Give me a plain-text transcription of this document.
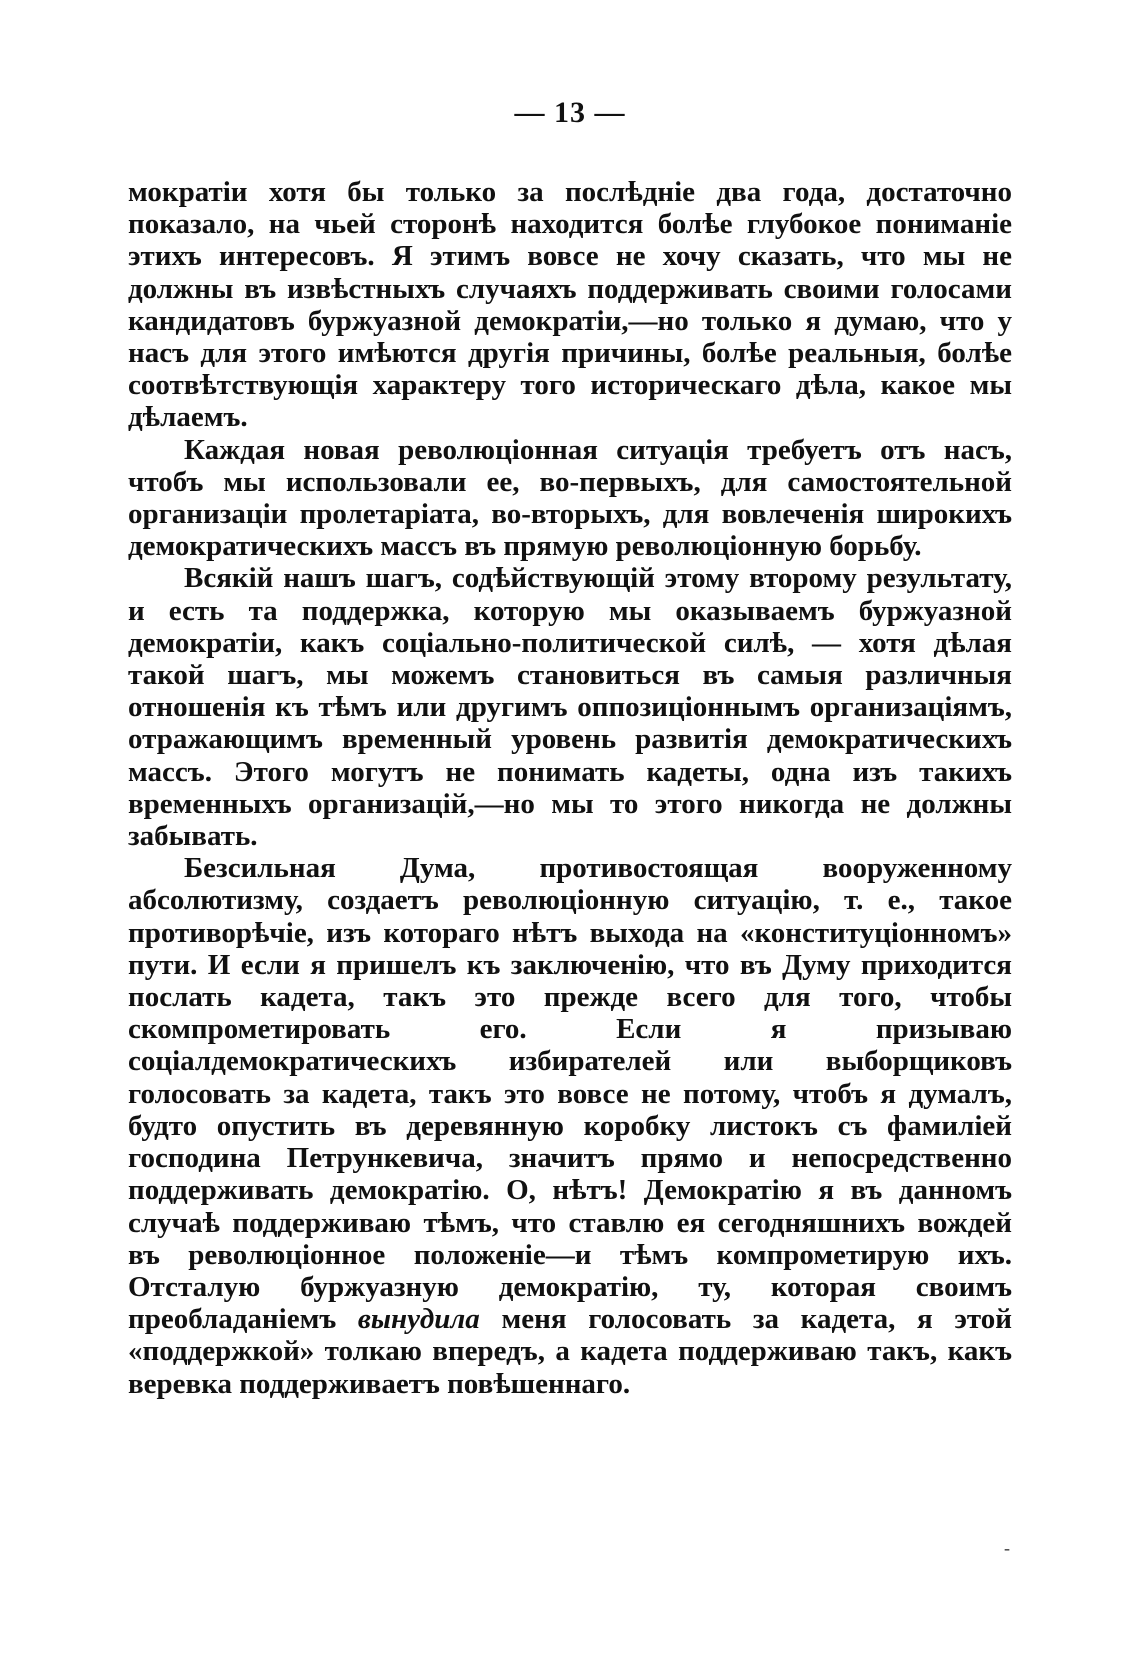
— 13 —

мократіи хотя бы только за послѣдніе два года, достаточно показало, на чьей сторонѣ находится болѣе глубокое пониманіе этихъ интересовъ. Я этимъ вовсе не хочу сказать, что мы не должны въ извѣстныхъ случаяхъ поддерживать своими голосами кандидатовъ буржуазной демократіи,—но только я думаю, что у насъ для этого имѣются другія причины, болѣе реальныя, болѣе соотвѣтствующія характеру того историческаго дѣла, какое мы дѣлаемъ.

Каждая новая революціонная ситуація требуетъ отъ насъ, чтобъ мы использовали ее, во-первыхъ, для самостоятельной организаціи пролетаріата, во-вторыхъ, для вовлеченія широкихъ демократическихъ массъ въ прямую революціонную борьбу.

Всякій нашъ шагъ, содѣйствующій этому второму результату, и есть та поддержка, которую мы оказываемъ буржуазной демократіи, какъ соціально-политической силѣ, — хотя дѣлая такой шагъ, мы можемъ становиться въ самыя различныя отношенія къ тѣмъ или другимъ оппозиціоннымъ организаціямъ, отражающимъ временный уровень развитія демократическихъ массъ. Этого могутъ не понимать кадеты, одна изъ такихъ временныхъ организацій,—но мы то этого никогда не должны забывать.

Безсильная Дума, противостоящая вооруженному абсолютизму, создаетъ революціонную ситуацію, т. е., такое противорѣчіе, изъ котораго нѣтъ выхода на «конституціонномъ» пути. И если я пришелъ къ заключенію, что въ Думу приходится послать кадета, такъ это прежде всего для того, чтобы скомпрометировать его. Если я призываю соціалдемократическихъ избирателей или выборщиковъ голосовать за кадета, такъ это вовсе не потому, чтобъ я думалъ, будто опустить въ деревянную коробку листокъ съ фамиліей господина Петрункевича, значитъ прямо и непосредственно поддерживать демократію. О, нѣтъ! Демократію я въ данномъ случаѣ поддерживаю тѣмъ, что ставлю ея сегодняшнихъ вождей въ революціонное положеніе—и тѣмъ компрометирую ихъ. Отсталую буржуазную демократію, ту, которая своимъ преобладаніемъ вынудила меня голосовать за кадета, я этой «поддержкой» толкаю впередъ, а кадета поддерживаю такъ, какъ веревка поддерживаетъ повѣшеннаго.

-
